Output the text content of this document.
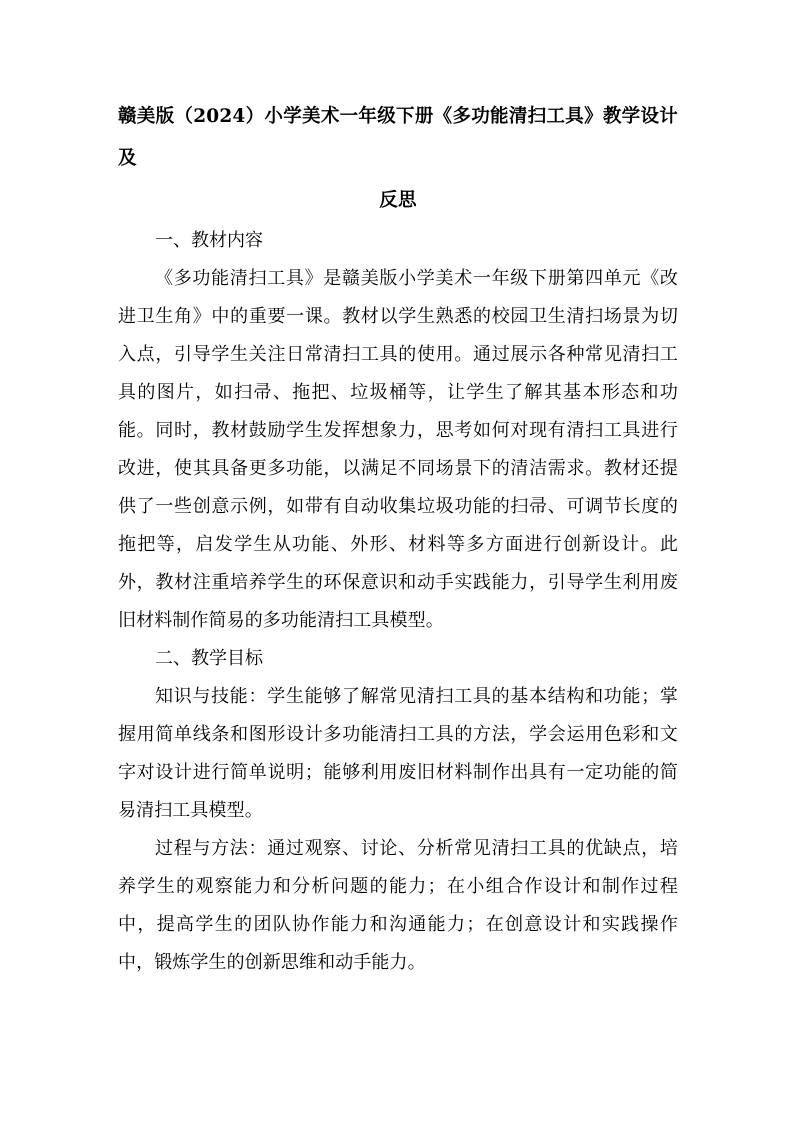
赣美版（2024）小学美术一年级下册《多功能清扫工具》教学设计及
反思

一、教材内容

《多功能清扫工具》是赣美版小学美术一年级下册第四单元《改进卫生角》中的重要一课。教材以学生熟悉的校园卫生清扫场景为切入点，引导学生关注日常清扫工具的使用。通过展示各种常见清扫工具的图片，如扫帚、拖把、垃圾桶等，让学生了解其基本形态和功能。同时，教材鼓励学生发挥想象力，思考如何对现有清扫工具进行改进，使其具备更多功能，以满足不同场景下的清洁需求。教材还提供了一些创意示例，如带有自动收集垃圾功能的扫帚、可调节长度的拖把等，启发学生从功能、外形、材料等多方面进行创新设计。此外，教材注重培养学生的环保意识和动手实践能力，引导学生利用废旧材料制作简易的多功能清扫工具模型。

二、教学目标

知识与技能：学生能够了解常见清扫工具的基本结构和功能；掌握用简单线条和图形设计多功能清扫工具的方法，学会运用色彩和文字对设计进行简单说明；能够利用废旧材料制作出具有一定功能的简易清扫工具模型。

过程与方法：通过观察、讨论、分析常见清扫工具的优缺点，培养学生的观察能力和分析问题的能力；在小组合作设计和制作过程中，提高学生的团队协作能力和沟通能力；在创意设计和实践操作中，锻炼学生的创新思维和动手能力。
